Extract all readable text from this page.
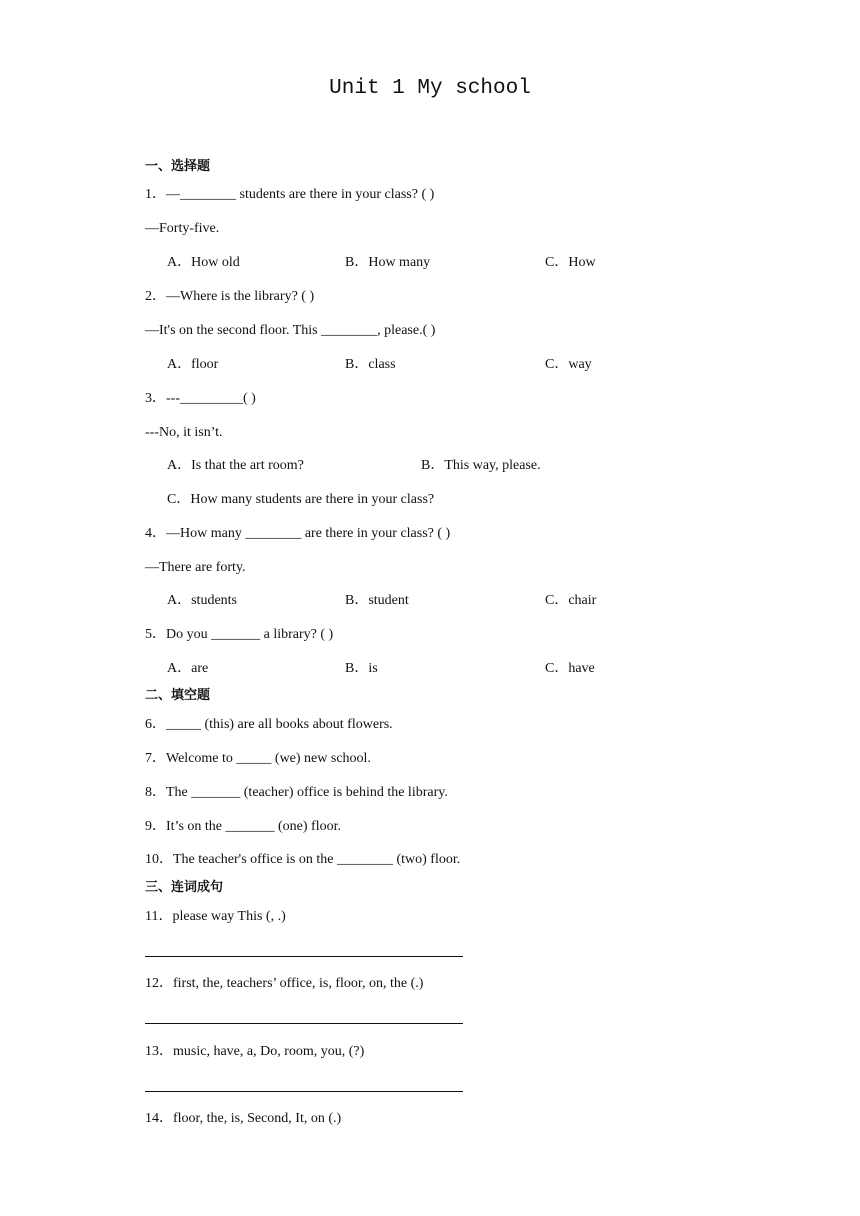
Unit 1 My school
一、选择题
1．—________ students are there in your class? ( )
—Forty-five.
A．How old	B．How many	C．How
2．—Where is the library? ( )
—It's on the second floor. This ________, please.( )
A．floor	B．class	C．way
3．---_________( )
---No, it isn’t.
A．Is that the art room?	B．This way, please.
C．How many students are there in your class?
4．—How many ________ are there in your class? ( )
—There are forty.
A．students	B．student	C．chair
5．Do you _______ a library? ( )
A．are	B．is	C．have
二、填空题
6．_____ (this) are all books about flowers.
7．Welcome to _____ (we) new school.
8．The _______ (teacher) office is behind the library.
9．It’s on the _______ (one) floor.
10．The teacher's office is on the ________ (two) floor.
三、连词成句
11．please way This (, .)
12．first, the, teachers’ office, is, floor, on, the (.)
13．music, have, a, Do, room, you, (?)
14．floor, the, is, Second, It, on (.)
